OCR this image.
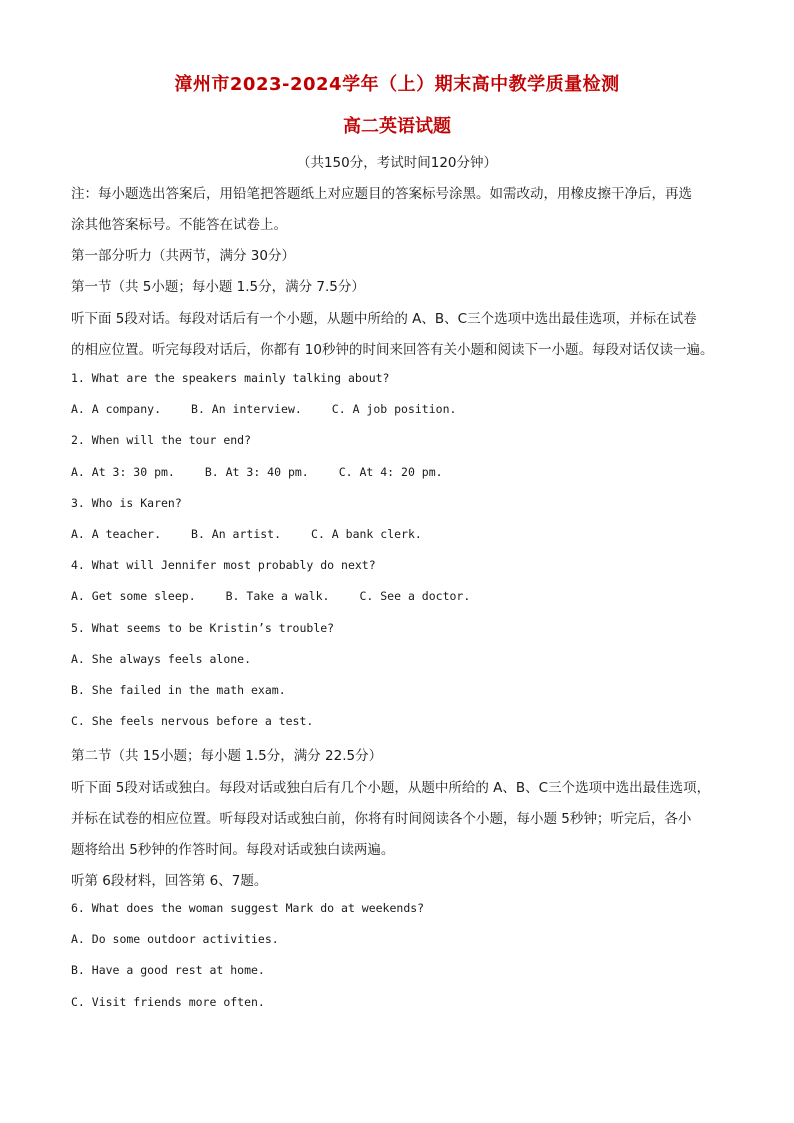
漳州市2023-2024学年（上）期末高中教学质量检测
高二英语试题
（共150分，考试时间120分钟）
注：每小题选出答案后，用铅笔把答题纸上对应题目的答案标号涂黑。如需改动，用橡皮擦干净后，再选
涂其他答案标号。不能答在试卷上。
第一部分听力（共两节，满分 30分）
第一节（共 5小题；每小题 1.5分，满分 7.5分）
听下面 5段对话。每段对话后有一个小题，从题中所给的 A、B、C三个选项中选出最佳选项，并标在试卷
的相应位置。听完每段对话后，你都有 10秒钟的时间来回答有关小题和阅读下一小题。每段对话仅读一遍。
1. What are the speakers mainly talking about?
A. A company.	B. An interview.	C. A job position.
2. When will the tour end?
A. At 3: 30 pm.	B. At 3: 40 pm.	C. At 4: 20 pm.
3. Who is Karen?
A. A teacher.	B. An artist.	C. A bank clerk.
4. What will Jennifer most probably do next?
A. Get some sleep.	B. Take a walk.	C. See a doctor.
5. What seems to be Kristin’s trouble?
A. She always feels alone.
B. She failed in the math exam.
C. She feels nervous before a test.
第二节（共 15小题；每小题 1.5分，满分 22.5分）
听下面 5段对话或独白。每段对话或独白后有几个小题，从题中所给的 A、B、C三个选项中选出最佳选项，
并标在试卷的相应位置。听每段对话或独白前，你将有时间阅读各个小题，每小题 5秒钟；听完后，各小
题将给出 5秒钟的作答时间。每段对话或独白读两遍。
听第 6段材料，回答第 6、7题。
6. What does the woman suggest Mark do at weekends?
A. Do some outdoor activities.
B. Have a good rest at home.
C. Visit friends more often.
